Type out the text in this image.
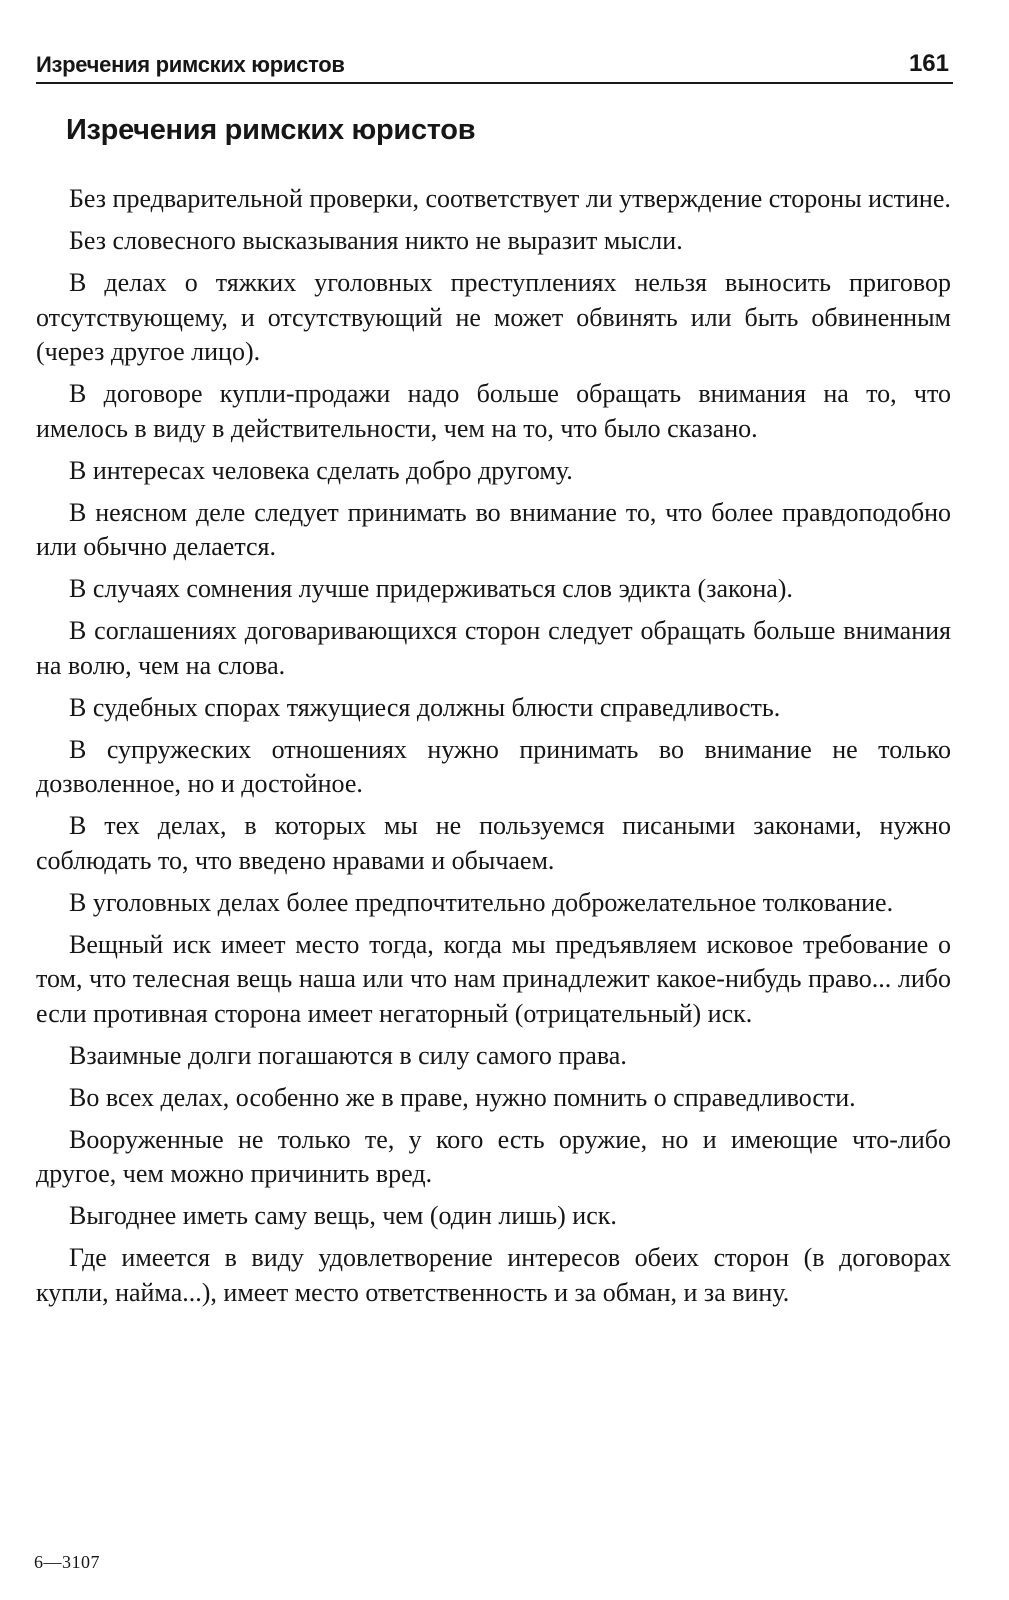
Изречения римских юристов	161
Изречения римских юристов
Без предварительной проверки, соответствует ли утверждение стороны истине.
Без словесного высказывания никто не выразит мысли.
В делах о тяжких уголовных преступлениях нельзя выносить приговор отсутствующему, и отсутствующий не может обвинять или быть обвиненным (через другое лицо).
В договоре купли-продажи надо больше обращать внимания на то, что имелось в виду в действительности, чем на то, что было сказано.
В интересах человека сделать добро другому.
В неясном деле следует принимать во внимание то, что более правдоподобно или обычно делается.
В случаях сомнения лучше придерживаться слов эдикта (закона).
В соглашениях договаривающихся сторон следует обращать больше внимания на волю, чем на слова.
В судебных спорах тяжущиеся должны блюсти справедливость.
В супружеских отношениях нужно принимать во внимание не только дозволенное, но и достойное.
В тех делах, в которых мы не пользуемся писаными законами, нужно соблюдать то, что введено нравами и обычаем.
В уголовных делах более предпочтительно доброжелательное толкование.
Вещный иск имеет место тогда, когда мы предъявляем исковое требование о том, что телесная вещь наша или что нам принадлежит какое-нибудь право... либо если противная сторона имеет негаторный (отрицательный) иск.
Взаимные долги погашаются в силу самого права.
Во всех делах, особенно же в праве, нужно помнить о справедливости.
Вооруженные не только те, у кого есть оружие, но и имеющие что-либо другое, чем можно причинить вред.
Выгоднее иметь саму вещь, чем (один лишь) иск.
Где имеется в виду удовлетворение интересов обеих сторон (в договорах купли, найма...), имеет место ответственность и за обман, и за вину.
6—3107
